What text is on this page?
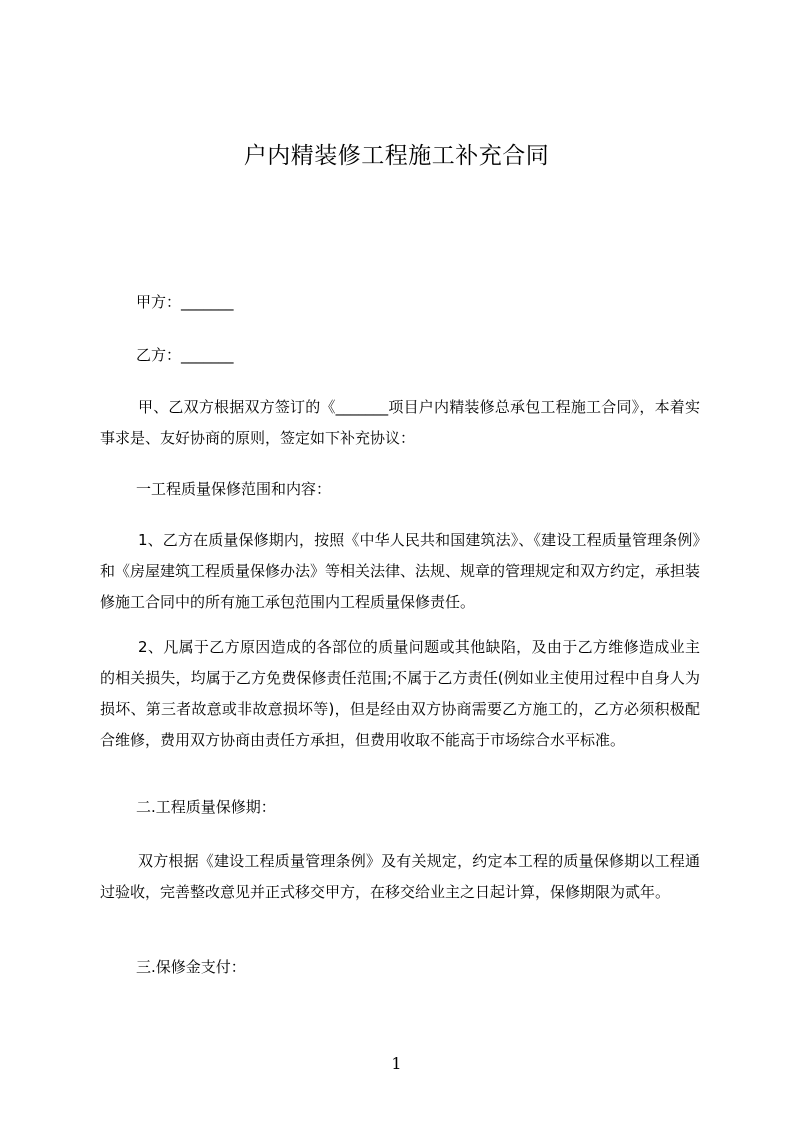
户内精装修工程施工补充合同

甲方：_______

乙方：_______

甲、乙双方根据双方签订的《_______项目户内精装修总承包工程施工合同》，本着实事求是、友好协商的原则，签定如下补充协议：

一工程质量保修范围和内容：

1、乙方在质量保修期内，按照《中华人民共和国建筑法》、《建设工程质量管理条例》和《房屋建筑工程质量保修办法》等相关法律、法规、规章的管理规定和双方约定，承担装修施工合同中的所有施工承包范围内工程质量保修责任。

2、凡属于乙方原因造成的各部位的质量问题或其他缺陷，及由于乙方维修造成业主的相关损失，均属于乙方免费保修责任范围;不属于乙方责任(例如业主使用过程中自身人为损坏、第三者故意或非故意损坏等)，但是经由双方协商需要乙方施工的，乙方必须积极配合维修，费用双方协商由责任方承担，但费用收取不能高于市场综合水平标准。

二.工程质量保修期：

双方根据《建设工程质量管理条例》及有关规定，约定本工程的质量保修期以工程通过验收，完善整改意见并正式移交甲方，在移交给业主之日起计算，保修期限为贰年。

三.保修金支付：

1
